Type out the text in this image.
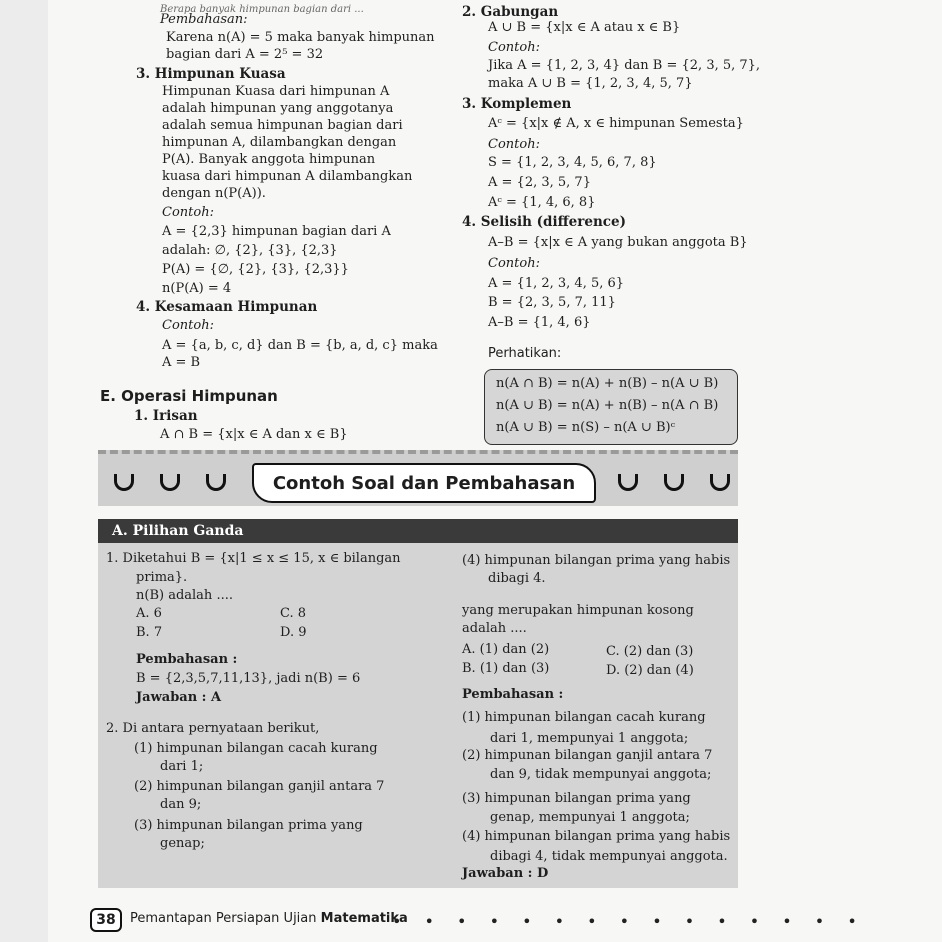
Berapa banyak himpunan bagian dari ...
Pembahasan:
Karena n(A) = 5 maka banyak himpunan
bagian dari A = 2⁵ = 32
3. Himpunan Kuasa
Himpunan Kuasa dari himpunan A
adalah himpunan yang anggotanya
adalah semua himpunan bagian dari
himpunan A, dilambangkan dengan
P(A). Banyak anggota himpunan
kuasa dari himpunan A dilambangkan
dengan n(P(A)).
Contoh:
A = {2,3} himpunan bagian dari A
adalah: ∅, {2}, {3}, {2,3}
P(A) = {∅, {2}, {3}, {2,3}}
n(P(A) = 4
4. Kesamaan Himpunan
Contoh:
A = {a, b, c, d} dan B = {b, a, d, c} maka
A = B
E. Operasi Himpunan
1. Irisan
A ∩ B = {x|x ∈ A dan x ∈ B}
2. Gabungan
A ∪ B = {x|x ∈ A atau x ∈ B}
Contoh:
Jika A = {1, 2, 3, 4} dan B = {2, 3, 5, 7},
maka A ∪ B = {1, 2, 3, 4, 5, 7}
3. Komplemen
Aᶜ = {x|x ∉ A, x ∈ himpunan Semesta}
Contoh:
S = {1, 2, 3, 4, 5, 6, 7, 8}
A = {2, 3, 5, 7}
Aᶜ = {1, 4, 6, 8}
4. Selisih (difference)
A–B = {x|x ∈ A yang bukan anggota B}
Contoh:
A = {1, 2, 3, 4, 5, 6}
B = {2, 3, 5, 7, 11}
A–B = {1, 4, 6}
Perhatikan:
n(A ∩ B) = n(A) + n(B) – n(A ∪ B)
n(A ∪ B) = n(A) + n(B) – n(A ∩ B)
n(A ∪ B) = n(S) – n(A ∪ B)ᶜ
Contoh Soal dan Pembahasan
A. Pilihan Ganda
1. Diketahui B = {x|1 ≤ x ≤ 15, x ∈ bilangan
prima}.
n(B) adalah ....
A. 6
B. 7
C. 8
D. 9
Pembahasan :
B = {2,3,5,7,11,13}, jadi n(B) = 6
Jawaban : A
2. Di antara pernyataan berikut,
(1) himpunan bilangan cacah kurang
dari 1;
(2) himpunan bilangan ganjil antara 7
dan 9;
(3) himpunan bilangan prima yang
genap;
(4) himpunan bilangan prima yang habis
dibagi 4.
yang merupakan himpunan kosong
adalah ....
A. (1) dan (2)
B. (1) dan (3)
C. (2) dan (3)
D. (2) dan (4)
Pembahasan :
(1) himpunan bilangan cacah kurang
dari 1, mempunyai 1 anggota;
(2) himpunan bilangan ganjil antara 7
dan 9, tidak mempunyai anggota;
(3) himpunan bilangan prima yang
genap, mempunyai 1 anggota;
(4) himpunan bilangan prima yang habis
dibagi 4, tidak mempunyai anggota.
Jawaban : D
38	Pemantapan Persiapan Ujian Matematika
• • • • • • • • • • • • • • •
